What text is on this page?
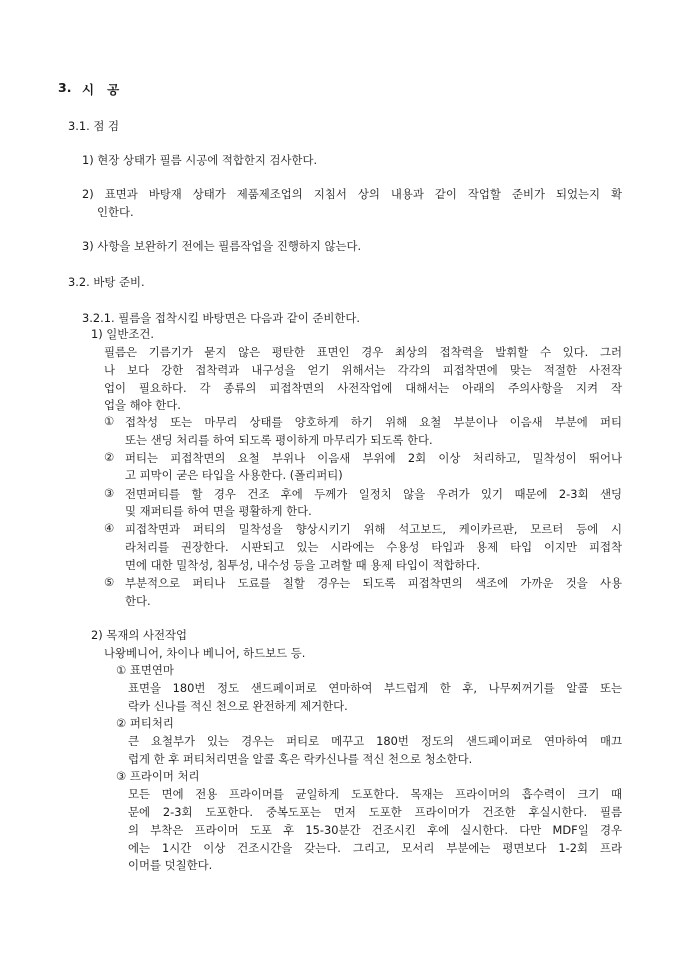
3. 시   공
3.1. 점 검
1) 현장 상태가 필름 시공에 적합한지 검사한다.
2) 표면과 바탕재 상태가 제품제조업의 지침서 상의 내용과 같이 작업할 준비가 되었는지 확
인한다.
3) 사항을 보완하기 전에는 필름작업을 진행하지 않는다.
3.2. 바탕 준비.
3.2.1. 필름을 접착시킬 바탕면은 다음과 같이 준비한다.
1) 일반조건.
필름은 기름기가 묻지 않은 평탄한 표면인 경우 최상의 접착력을 발휘할 수 있다. 그러
나 보다 강한 접착력과 내구성을 얻기 위해서는 각각의 피접착면에 맞는 적절한 사전작
업이 필요하다. 각 종류의 피접착면의 사전작업에 대해서는 아래의 주의사항을 지켜 작
업을 해야 한다.
① 접착성 또는 마무리 상태를 양호하게 하기 위해 요철 부분이나 이음새 부분에 퍼티
또는 샌딩 처리를 하여 되도록 평이하게 마무리가 되도록 한다.
② 퍼티는 피접착면의 요철 부위나 이음새 부위에 2회 이상 처리하고, 밀착성이 뛰어나
고 피막이 굳은 타입을 사용한다. (폴리퍼티)
③ 전면퍼티를 할 경우 건조 후에 두께가 일정치 않을 우려가 있기 때문에 2-3회 샌딩
및 재퍼티를 하여 면을 평활하게 한다.
④ 피접착면과 퍼티의 밀착성을 향상시키기 위해 석고보드, 케이카르판, 모르터 등에 시
라처리를 권장한다. 시판되고 있는 시라에는 수용성 타입과 용제 타입 이지만 피접착
면에 대한 밀착성, 침투성, 내수성 등을 고려할 때 용제 타입이 적합하다.
⑤ 부분적으로 퍼티나 도료를 칠할 경우는 되도록 피접착면의 색조에 가까운 것을 사용
한다.
2) 목재의 사전작업
나왕베니어, 차이나 베니어, 하드보드 등.
① 표면연마
표면을 180번 정도 샌드페이퍼로 연마하여 부드럽게 한 후, 나무찌꺼기를 알콜 또는
락카 신나를 적신 천으로 완전하게 제거한다.
② 퍼티처리
큰 요철부가 있는 경우는 퍼티로 메꾸고 180번 정도의 샌드페이퍼로 연마하여 매끄
럽게 한 후 퍼티처리면을 알콜 혹은 락카신나를 적신 천으로 청소한다.
③ 프라이머 처리
모든 면에 전용 프라이머를 균일하게 도포한다. 목재는 프라이머의 흡수력이 크기 때
문에 2-3회 도포한다. 중복도포는 먼저 도포한 프라이머가 건조한 후실시한다. 필름
의 부착은 프라이머 도포 후 15-30분간 건조시킨 후에 실시한다. 다만 MDF일 경우
에는 1시간 이상 건조시간을 갖는다. 그리고, 모서리 부분에는 평면보다 1-2회 프라
이머를 덧칠한다.
